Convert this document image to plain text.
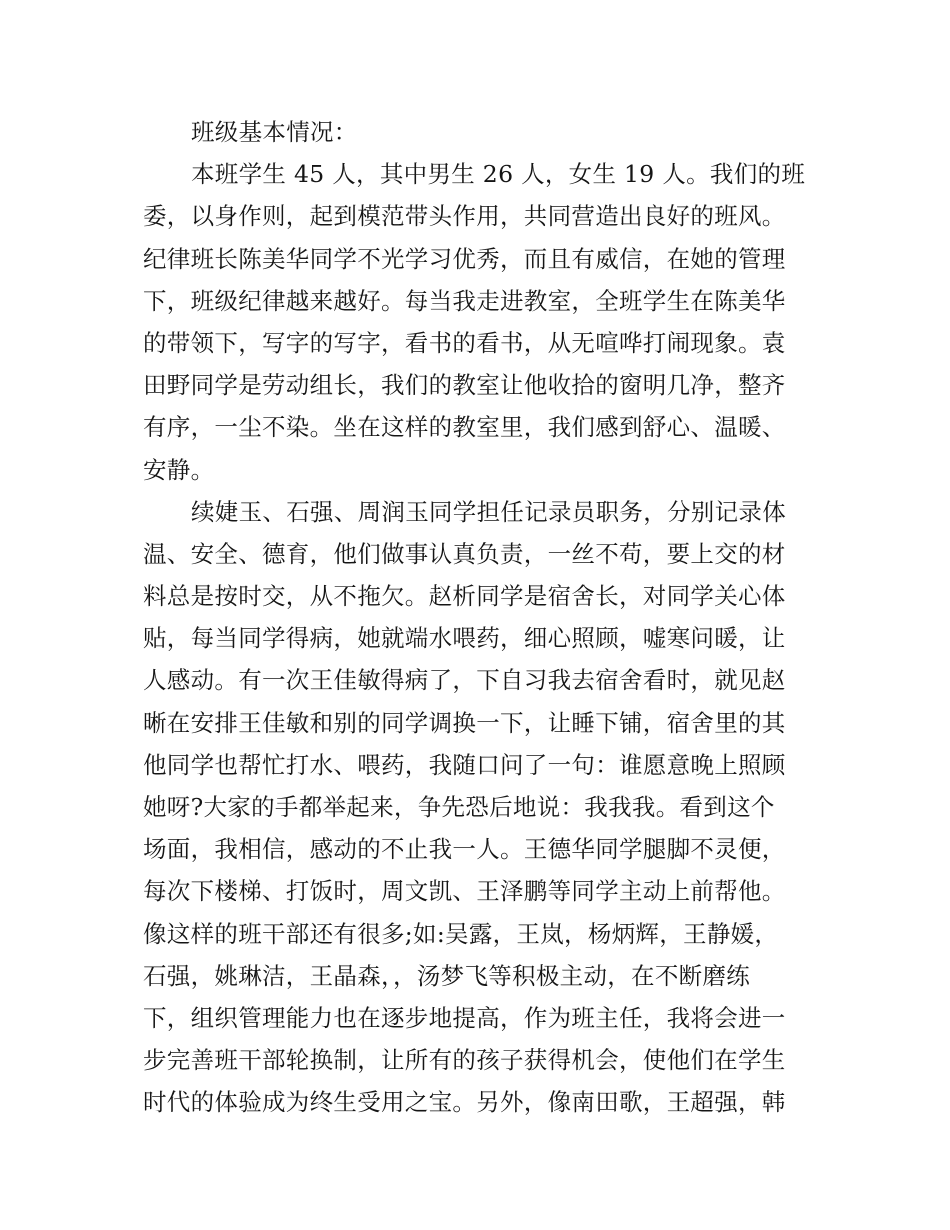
班级基本情况：
本班学生 45 人，其中男生 26 人，女生 19 人。我们的班
委，以身作则，起到模范带头作用，共同营造出良好的班风。
纪律班长陈美华同学不光学习优秀，而且有威信，在她的管理
下，班级纪律越来越好。每当我走进教室，全班学生在陈美华
的带领下，写字的写字，看书的看书，从无喧哗打闹现象。袁
田野同学是劳动组长，我们的教室让他收拾的窗明几净，整齐
有序，一尘不染。坐在这样的教室里，我们感到舒心、温暖、
安静。
续婕玉、石强、周润玉同学担任记录员职务，分别记录体
温、安全、德育，他们做事认真负责，一丝不苟，要上交的材
料总是按时交，从不拖欠。赵析同学是宿舍长，对同学关心体
贴，每当同学得病，她就端水喂药，细心照顾，嘘寒问暖，让
人感动。有一次王佳敏得病了，下自习我去宿舍看时，就见赵
晰在安排王佳敏和别的同学调换一下，让睡下铺，宿舍里的其
他同学也帮忙打水、喂药，我随口问了一句：谁愿意晚上照顾
她呀?大家的手都举起来，争先恐后地说：我我我。看到这个
场面，我相信，感动的不止我一人。王德华同学腿脚不灵便，
每次下楼梯、打饭时，周文凯、王泽鹏等同学主动上前帮他。
像这样的班干部还有很多;如:吴露，王岚，杨炳辉，王静媛，
石强，姚琳洁，王晶森，，汤梦飞等积极主动，在不断磨练
下，组织管理能力也在逐步地提高，作为班主任，我将会进一
步完善班干部轮换制，让所有的孩子获得机会，使他们在学生
时代的体验成为终生受用之宝。另外，像南田歌，王超强，韩
